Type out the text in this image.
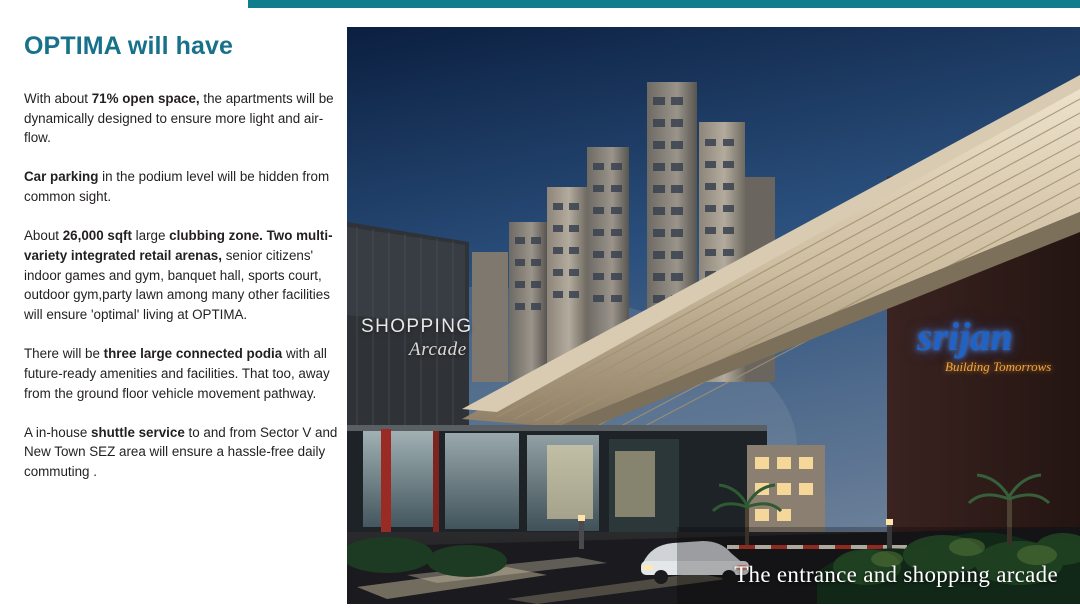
OPTIMA will have

With about 71% open space, the apartments will be dynamically designed to ensure more light and air-flow.

Car parking in the podium level will be hidden from common sight.

About 26,000 sqft large clubbing zone. Two multi-variety integrated retail arenas, senior citizens' indoor games and gym, banquet hall, sports court, outdoor gym,party lawn among many other facilities will ensure 'optimal' living at OPTIMA.

There will be three large connected podia with all future-ready amenities and facilities. That too, away from the ground floor vehicle movement pathway.

A in-house shuttle service to and from Sector V and New Town SEZ area will ensure a hassle-free daily commuting .

SHOPPING
Arcade	srijan
Building Tomorrows
The entrance and shopping arcade
